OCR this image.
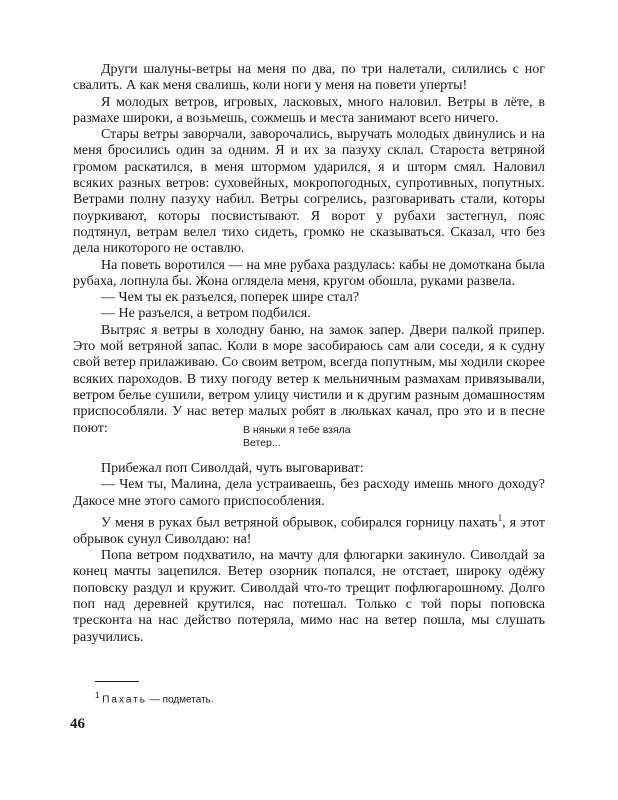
Други шалуны-ветры на меня по два, по три налетали, силились с ног свалить. А как меня свалишь, коли ноги у меня на повети уперты!

Я молодых ветров, игровых, ласковых, много наловил. Ветры в лёте, в размахе широки, а возьмешь, сожмешь и места занимают всего ничего.

Стары ветры заворчали, заворочались, выручать молодых двинулись и на меня бросились один за одним. Я и их за пазуху склал. Староста ветряной громом раскатился, в меня штормом ударился, я и шторм смял. Наловил всяких разных ветров: суховейных, мокропогодных, супротивных, попутных. Ветрами полну пазуху набил. Ветры согрелись, разговаривать стали, которы поуркивают, которы посвистывают. Я ворот у рубахи застегнул, пояс подтянул, ветрам велел тихо сидеть, громко не сказываться. Сказал, что без дела никоторого не оставлю.

На поветь воротился — на мне рубаха раздулась: кабы не домоткана была рубаха, лопнула бы. Жона оглядела меня, кругом обошла, руками развела.

— Чем ты ек разъелся, поперек шире стал?

— Не разъелся, а ветром подбился.

Вытряс я ветры в холодну баню, на замок запер. Двери палкой припер. Это мой ветряной запас. Коли в море засобираюсь сам али соседи, я к судну свой ветер прилаживаю. Со своим ветром, всегда попутным, мы ходили скорее всяких пароходов. В тиху погоду ветер к мельничным размахам привязывали, ветром белье сушили, ветром улицу чистили и к другим разным домашностям приспособляли. У нас ветер малых робят в люльках качал, про это и в песне поют:	В няньки я тебе взяла
Ветер...

Прибежал поп Сиволдай, чуть выговариват:

— Чем ты, Малина, дела устраиваешь, без расходу имешь много доходу? Дакосе мне этого самого приспособления.

У меня в руках был ветряной обрывок, собирался горницу пахать$^1$, я этот обрывок сунул Сиволдаю: на!

Попа ветром подхватило, на мачту для флюгарки закинуло. Сиволдай за конец мачты зацепился. Ветер озорник попался, не отстает, широку одёжу поповску раздул и кружит. Сиволдай что-то трещит пофлюгарошному. Долго поп над деревней крутился, нас потешал. Только с той поры поповска тресконта на нас действо потеряла, мимо нас на ветер пошла, мы слушать разучились.

$^1$ Пахать — подметать.
46
